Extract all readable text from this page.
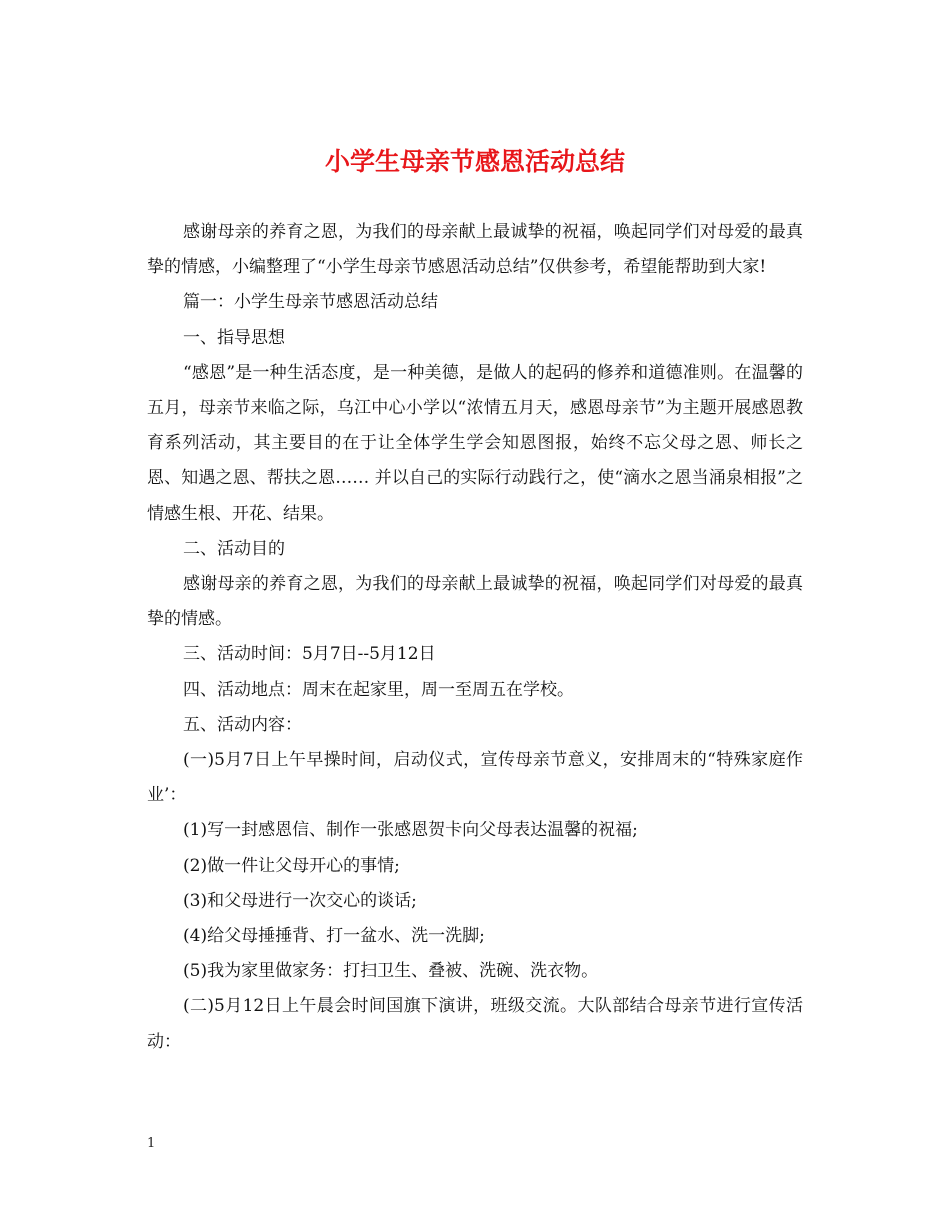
小学生母亲节感恩活动总结

感谢母亲的养育之恩，为我们的母亲献上最诚挚的祝福，唤起同学们对母爱的最真挚的情感，小编整理了“小学生母亲节感恩活动总结”仅供参考，希望能帮助到大家!

篇一：小学生母亲节感恩活动总结

一、指导思想

“感恩”是一种生活态度，是一种美德，是做人的起码的修养和道德准则。在温馨的五月，母亲节来临之际，乌江中心小学以“浓情五月天，感恩母亲节”为主题开展感恩教育系列活动，其主要目的在于让全体学生学会知恩图报，始终不忘父母之恩、师长之恩、知遇之恩、帮扶之恩…… 并以自己的实际行动践行之，使“滴水之恩当涌泉相报”之情感生根、开花、结果。

二、活动目的

感谢母亲的养育之恩，为我们的母亲献上最诚挚的祝福，唤起同学们对母爱的最真挚的情感。

三、活动时间：5月7日--5月12日

四、活动地点：周末在起家里，周一至周五在学校。

五、活动内容：

(一)5月7日上午早操时间，启动仪式，宣传母亲节意义，安排周末的“特殊家庭作业’：

(1)写一封感恩信、制作一张感恩贺卡向父母表达温馨的祝福;

(2)做一件让父母开心的事情;

(3)和父母进行一次交心的谈话;

(4)给父母捶捶背、打一盆水、洗一洗脚;

(5)我为家里做家务：打扫卫生、叠被、洗碗、洗衣物。

(二)5月12日上午晨会时间国旗下演讲，班级交流。大队部结合母亲节进行宣传活动：

1
